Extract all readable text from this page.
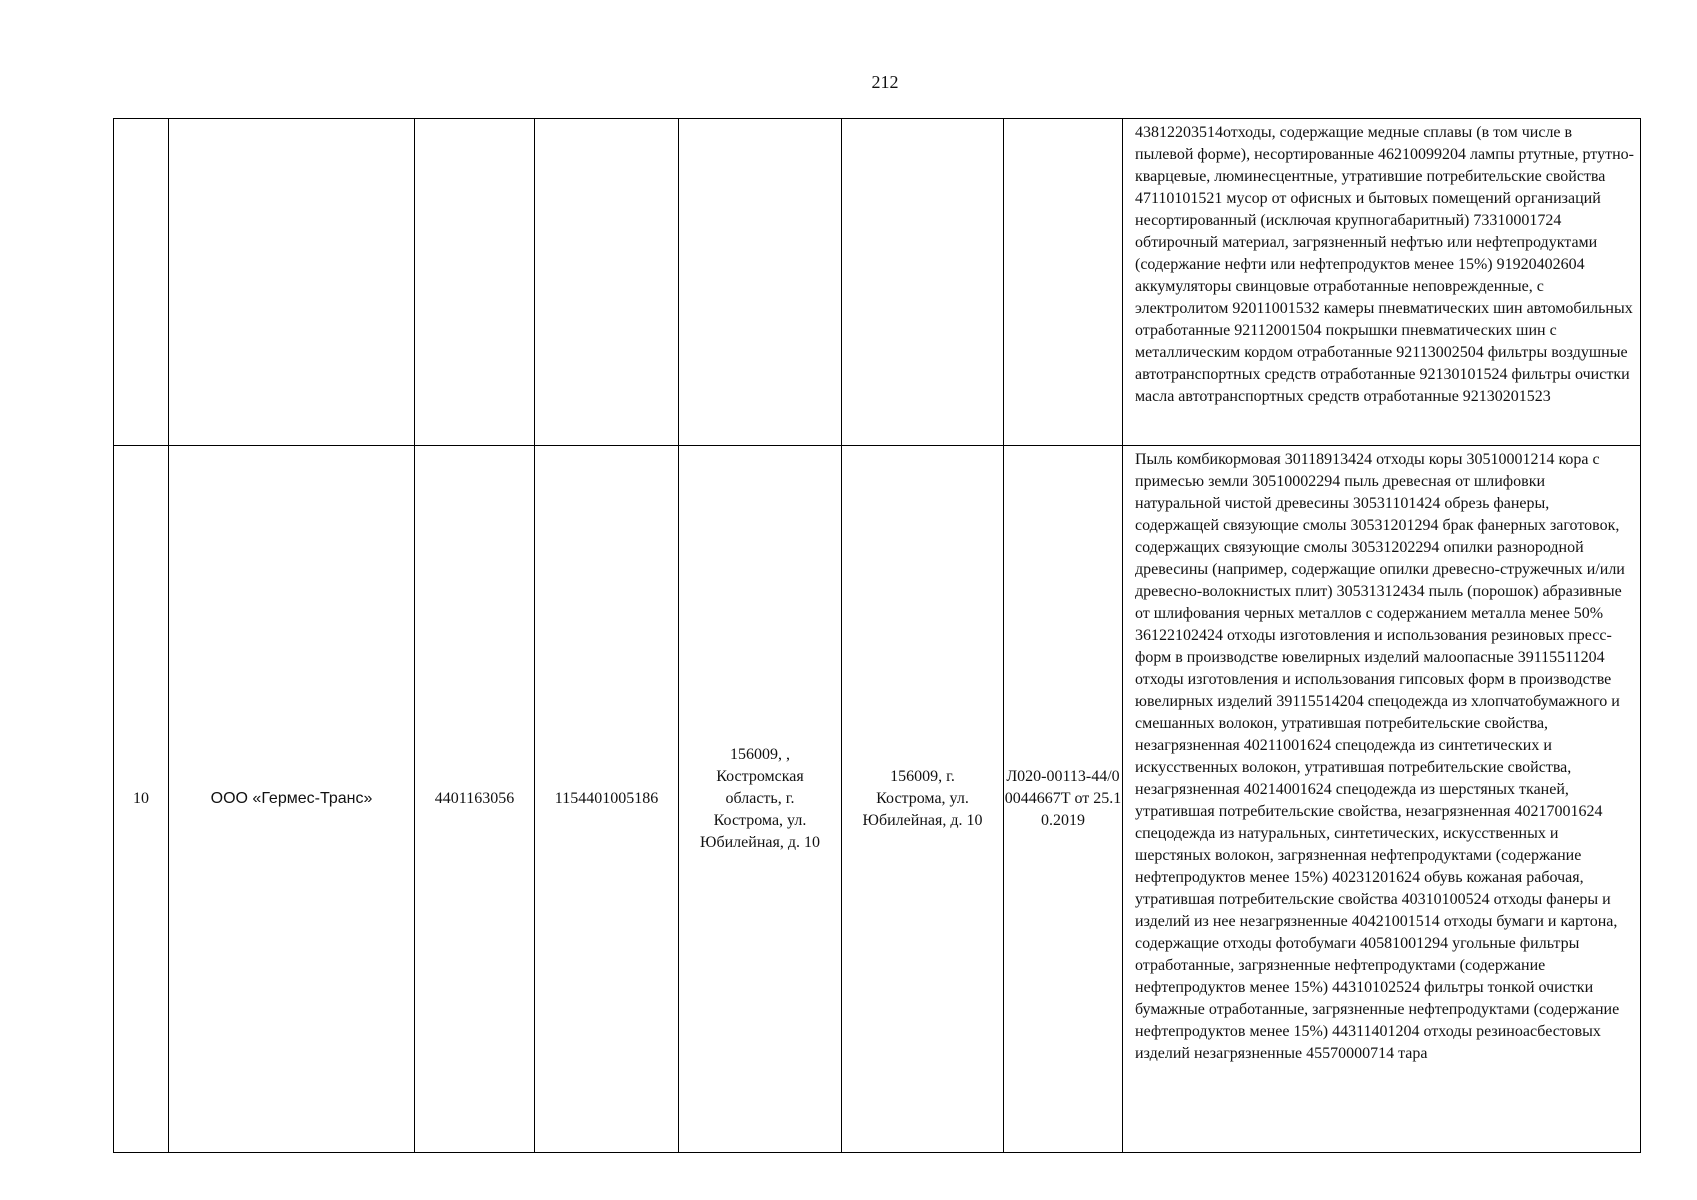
212
							43812203514отходы, содержащие медные сплавы (в том числе в пылевой форме), несортированные 46210099204 лампы ртутные, ртутно-кварцевые, люминесцентные, утратившие потребительские свойства 47110101521 мусор от офисных и бытовых помещений организаций несортированный (исключая крупногабаритный) 73310001724 обтирочный материал, загрязненный нефтью или нефтепродуктами (содержание нефти или нефтепродуктов менее 15%) 91920402604 аккумуляторы свинцовые отработанные неповрежденные, с электролитом 92011001532 камеры пневматических шин автомобильных отработанные 92112001504 покрышки пневматических шин с металлическим кордом отработанные 92113002504 фильтры воздушные автотранспортных средств отработанные 92130101524 фильтры очистки масла автотранспортных средств отработанные 92130201523
10	ООО «Гермес-Транс»	4401163056	1154401005186	156009, , Костромская область, г. Кострома, ул. Юбилейная, д. 10	156009, г. Кострома, ул. Юбилейная, д. 10	Л020-00113-44/00044667Т от 25.10.2019	Пыль комбикормовая 30118913424 отходы коры 30510001214 кора с примесью земли 30510002294 пыль древесная от шлифовки натуральной чистой древесины 30531101424 обрезь фанеры, содержащей связующие смолы 30531201294 брак фанерных заготовок, содержащих связующие смолы 30531202294 опилки разнородной древесины (например, содержащие опилки древесно-стружечных и/или древесно-волокнистых плит) 30531312434 пыль (порошок) абразивные от шлифования черных металлов с содержанием металла менее 50% 36122102424 отходы изготовления и использования резиновых пресс-форм в производстве ювелирных изделий малоопасные 39115511204 отходы изготовления и использования гипсовых форм в производстве ювелирных изделий 39115514204 спецодежда из хлопчатобумажного и смешанных волокон, утратившая потребительские свойства, незагрязненная 40211001624 спецодежда из синтетических и искусственных волокон, утратившая потребительские свойства, незагрязненная 40214001624 спецодежда из шерстяных тканей, утратившая потребительские свойства, незагрязненная 40217001624 спецодежда из натуральных, синтетических, искусственных и шерстяных волокон, загрязненная нефтепродуктами (содержание нефтепродуктов менее 15%) 40231201624 обувь кожаная рабочая, утратившая потребительские свойства 40310100524 отходы фанеры и изделий из нее незагрязненные 40421001514 отходы бумаги и картона, содержащие отходы фотобумаги 40581001294 угольные фильтры отработанные, загрязненные нефтепродуктами (содержание нефтепродуктов менее 15%) 44310102524 фильтры тонкой очистки бумажные отработанные, загрязненные нефтепродуктами (содержание нефтепродуктов менее 15%) 44311401204 отходы резиноасбестовых изделий незагрязненные 45570000714 тара
